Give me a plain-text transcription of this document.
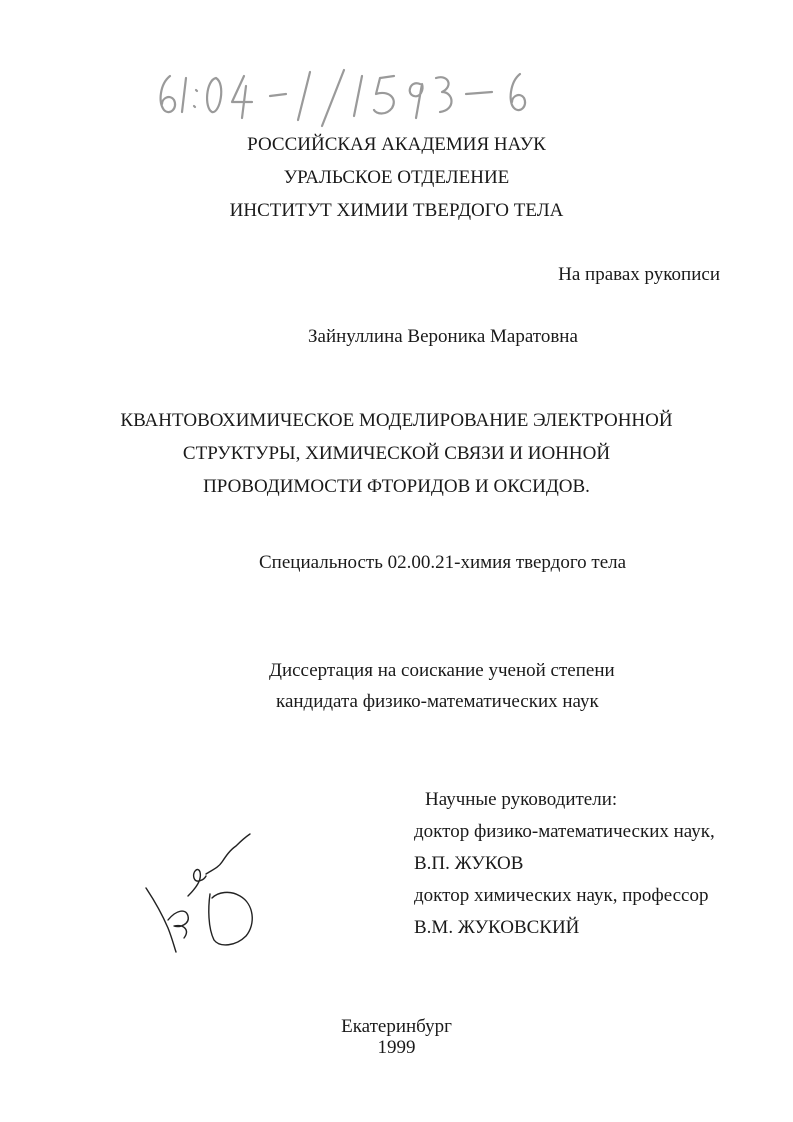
РОССИЙСКАЯ АКАДЕМИЯ НАУК
УРАЛЬСКОЕ ОТДЕЛЕНИЕ
ИНСТИТУТ ХИМИИ ТВЕРДОГО ТЕЛА
На правах рукописи
Зайнуллина Вероника Маратовна
КВАНТОВОХИМИЧЕСКОЕ МОДЕЛИРОВАНИЕ ЭЛЕКТРОННОЙ
СТРУКТУРЫ, ХИМИЧЕСКОЙ СВЯЗИ И ИОННОЙ
ПРОВОДИМОСТИ ФТОРИДОВ И ОКСИДОВ.
Специальность 02.00.21-химия твердого тела
Диссертация на соискание ученой степени
кандидата физико-математических наук
Научные руководители:
доктор физико-математических наук,
В.П. ЖУКОВ
доктор химических наук, профессор
В.М. ЖУКОВСКИЙ
Екатеринбург
1999
